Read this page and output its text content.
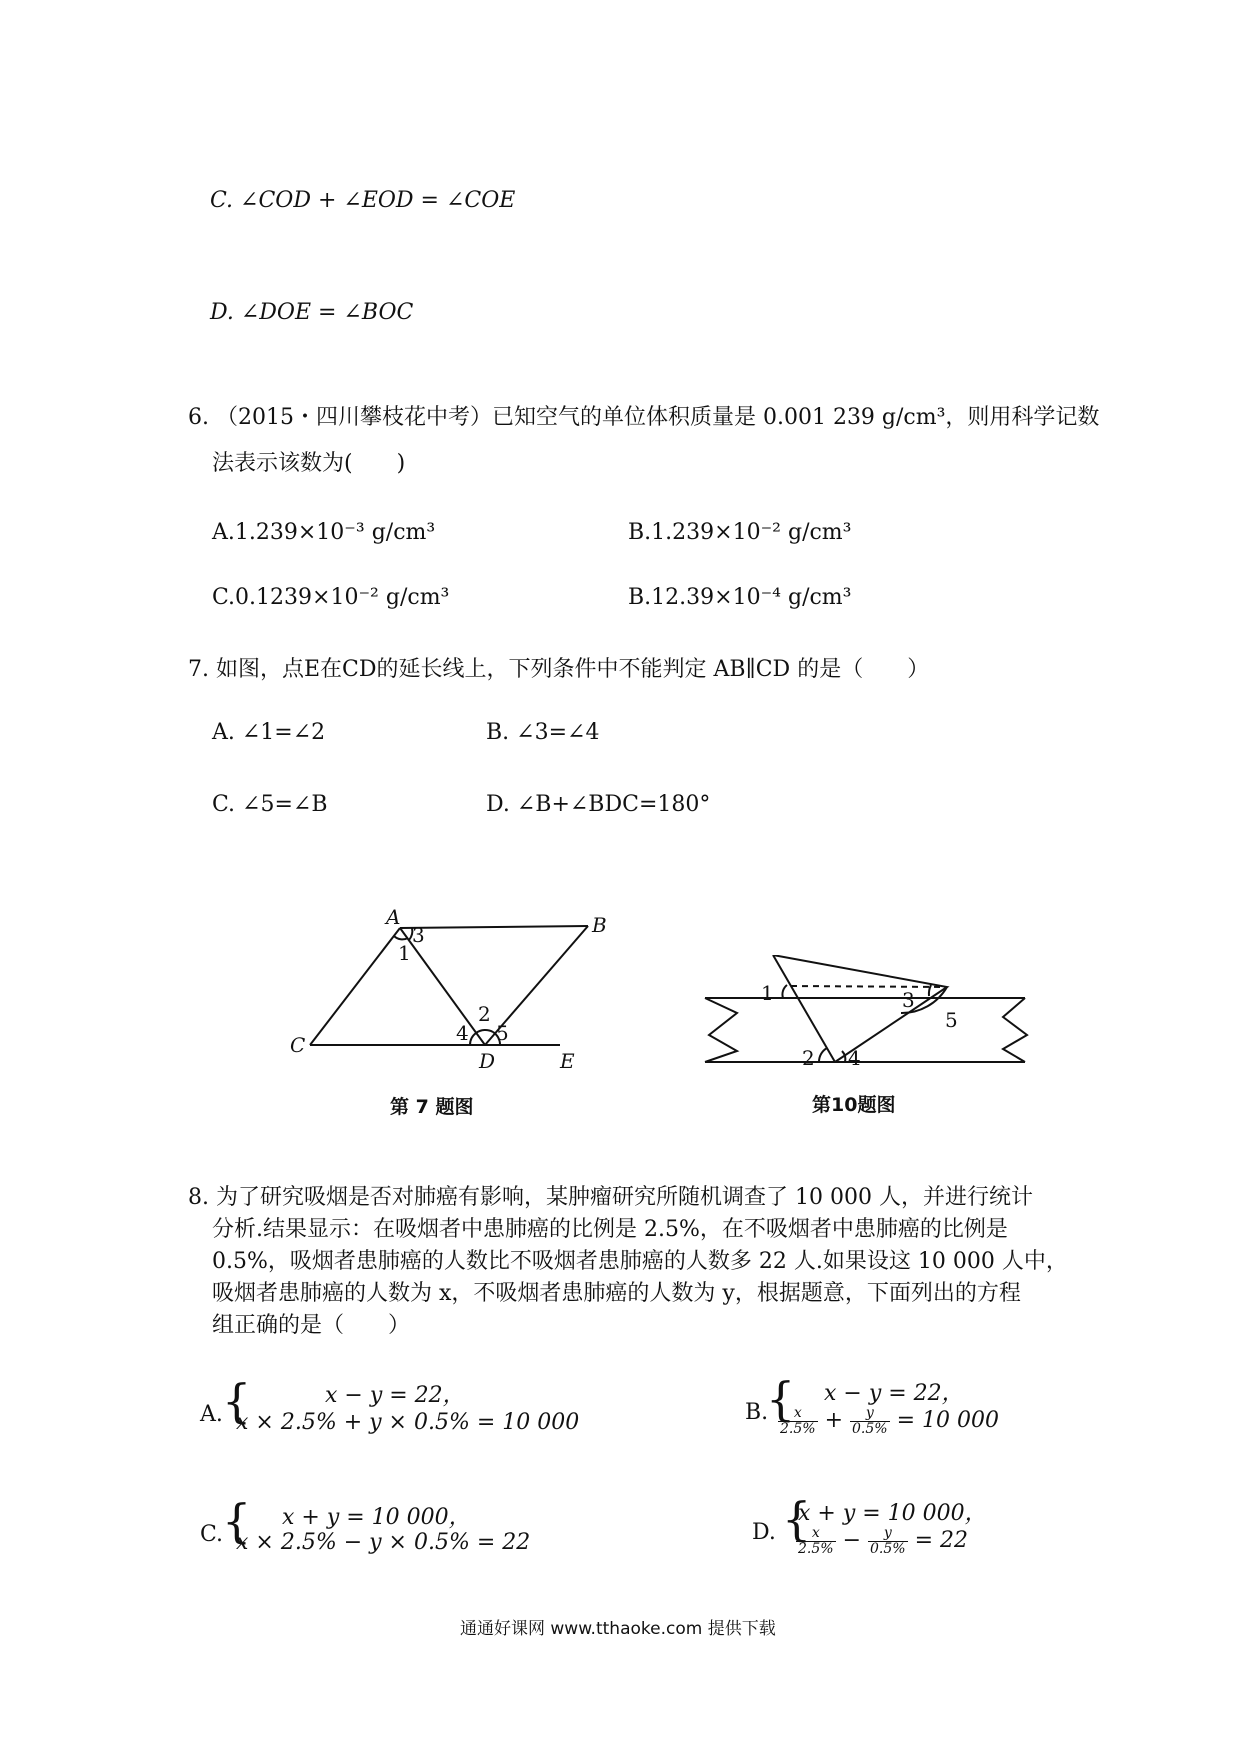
C. ∠COD + ∠EOD = ∠COE
D. ∠DOE = ∠BOC
6. （2015・四川攀枝花中考）已知空气的单位体积质量是 0.001 239 g/cm³，则用科学记数
法表示该数为(　　)
A.1.239×10⁻³ g/cm³	B.1.239×10⁻² g/cm³
C.0.1239×10⁻² g/cm³	B.12.39×10⁻⁴ g/cm³
7. 如图，点E在CD的延长线上，下列条件中不能判定 AB∥CD 的是（　　）
A. ∠1=∠2	B. ∠3=∠4
C. ∠5=∠B	D. ∠B+∠BDC=180°
A	B
C
D	E
3
1
2
4 5
第 7 题图
1
2
3
4
5
第10题图
8. 为了研究吸烟是否对肺癌有影响，某肿瘤研究所随机调查了 10 000 人，并进行统计
分析.结果显示：在吸烟者中患肺癌的比例是 2.5%，在不吸烟者中患肺癌的比例是
0.5%，吸烟者患肺癌的人数比不吸烟者患肺癌的人数多 22 人.如果设这 10 000 人中，
吸烟者患肺癌的人数为 x，不吸烟者患肺癌的人数为 y，根据题意，下面列出的方程
组正确的是（　　）
A. {	x − y = 22，
x × 2.5% + y × 0.5% = 10 000	B.
{ x − y = 22，
$\frac{x}{2.5\%} + \frac{y}{0.5\%} = 10$ 000
C.
{ x + y = 10 000，
x × 2.5% − y × 0.5% = 22	D. {
x + y = 10 000，
$\frac{x}{2.5\%} - \frac{y}{0.5\%} = 22$
通通好课网 www.tthaoke.com 提供下载
